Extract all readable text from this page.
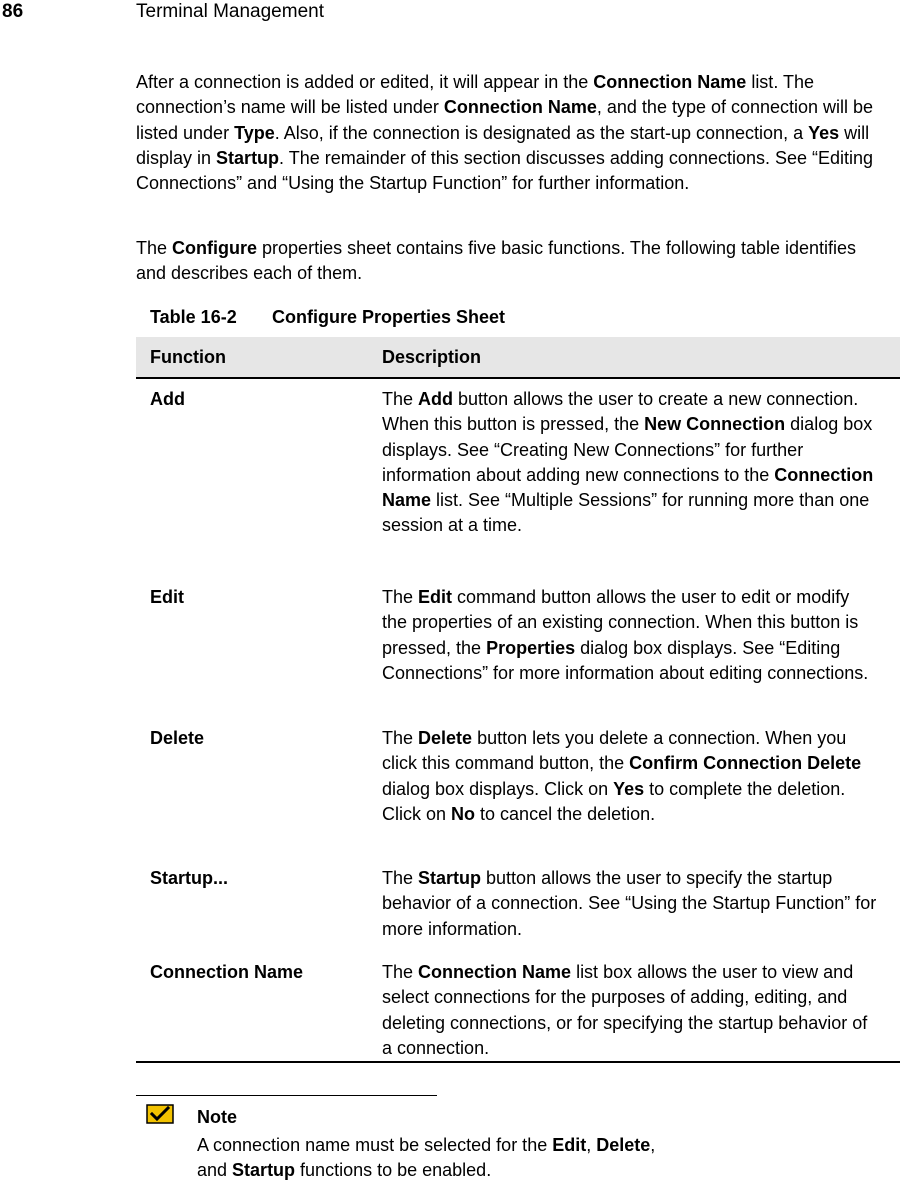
86	Terminal Management

After a connection is added or edited, it will appear in the Connection Name list. The connection’s name will be listed under Connection Name, and the type of connection will be listed under Type. Also, if the connection is designated as the start-up connection, a Yes will display in Startup. The remainder of this section discusses adding connections. See “Editing Connections” and “Using the Startup Function” for further information.

The Configure properties sheet contains five basic functions. The following table identifies and describes each of them.

Table 16-2 Configure Properties Sheet
Function	Description
Add	The Add button allows the user to create a new connection. When this button is pressed, the New Connection dialog box displays. See “Creating New Connections” for further information about adding new connections to the Connection Name list. See “Multiple Sessions” for running more than one session at a time.
Edit	The Edit command button allows the user to edit or modify the properties of an existing connection. When this button is pressed, the Properties dialog box displays. See “Editing Connections” for more information about editing connections.
Delete	The Delete button lets you delete a connection. When you click this command button, the Confirm Connection Delete dialog box displays. Click on Yes to complete the deletion. Click on No to cancel the deletion.
Startup...	The Startup button allows the user to specify the startup behavior of a connection. See “Using the Startup Function” for more information.
Connection Name	The Connection Name list box allows the user to view and select connections for the purposes of adding, editing, and deleting connections, or for specifying the startup behavior of a connection.
Note

A connection name must be selected for the Edit, Delete, and Startup functions to be enabled.
